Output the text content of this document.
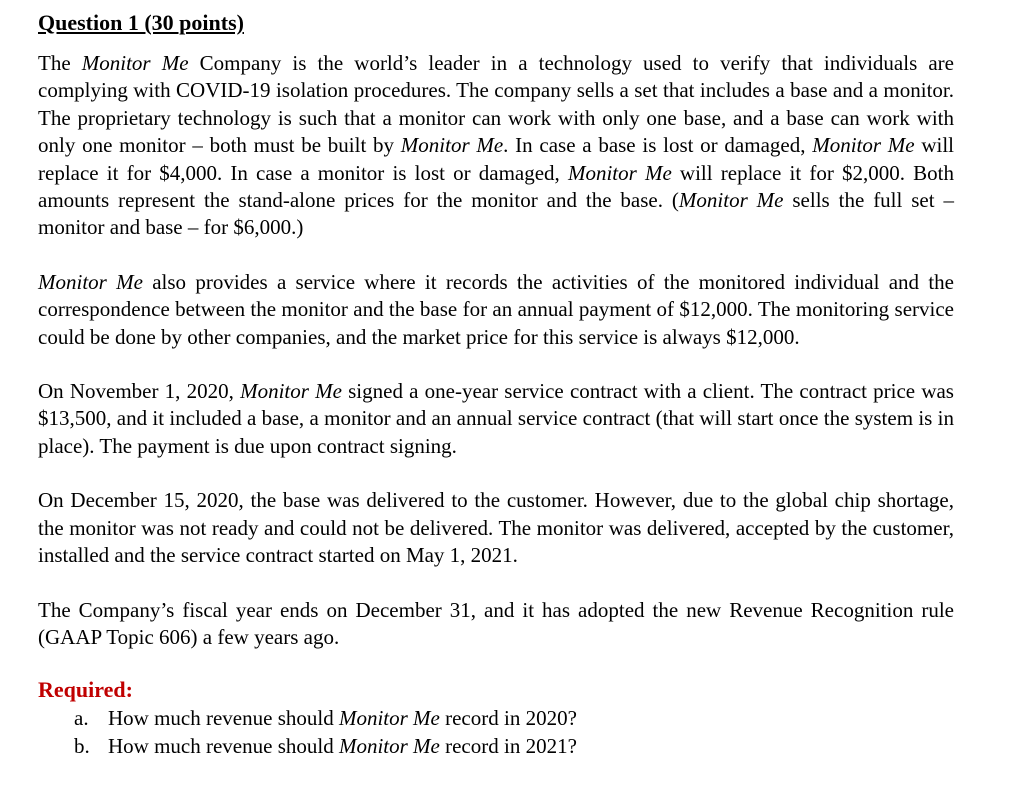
Question 1 (30 points)

The Monitor Me Company is the world’s leader in a technology used to verify that individuals are complying with COVID-19 isolation procedures. The company sells a set that includes a base and a monitor. The proprietary technology is such that a monitor can work with only one base, and a base can work with only one monitor – both must be built by Monitor Me. In case a base is lost or damaged, Monitor Me will replace it for $4,000. In case a monitor is lost or damaged, Monitor Me will replace it for $2,000. Both amounts represent the stand-alone prices for the monitor and the base. (Monitor Me sells the full set – monitor and base – for $6,000.)

Monitor Me also provides a service where it records the activities of the monitored individual and the correspondence between the monitor and the base for an annual payment of $12,000. The monitoring service could be done by other companies, and the market price for this service is always $12,000.

On November 1, 2020, Monitor Me signed a one-year service contract with a client. The contract price was $13,500, and it included a base, a monitor and an annual service contract (that will start once the system is in place). The payment is due upon contract signing.

On December 15, 2020, the base was delivered to the customer. However, due to the global chip shortage, the monitor was not ready and could not be delivered. The monitor was delivered, accepted by the customer, installed and the service contract started on May 1, 2021.

The Company’s fiscal year ends on December 31, and it has adopted the new Revenue Recognition rule (GAAP Topic 606) a few years ago.

Required:
a. How much revenue should Monitor Me record in 2020?
b. How much revenue should Monitor Me record in 2021?
